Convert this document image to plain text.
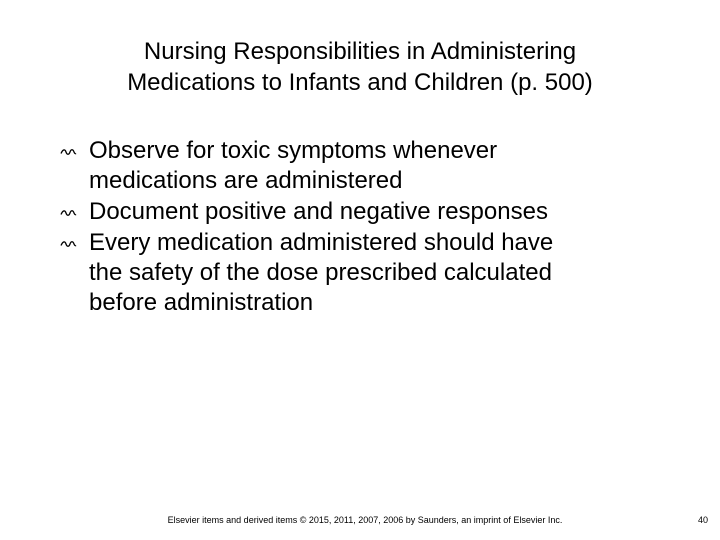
Nursing Responsibilities in Administering
Medications to Infants and Children (p. 500)
Observe for toxic symptoms whenever
medications are administered
Document positive and negative responses
Every medication administered should have
the safety of the dose prescribed calculated
before administration
Elsevier items and derived items © 2015, 2011, 2007, 2006 by Saunders, an imprint of Elsevier Inc.	40
